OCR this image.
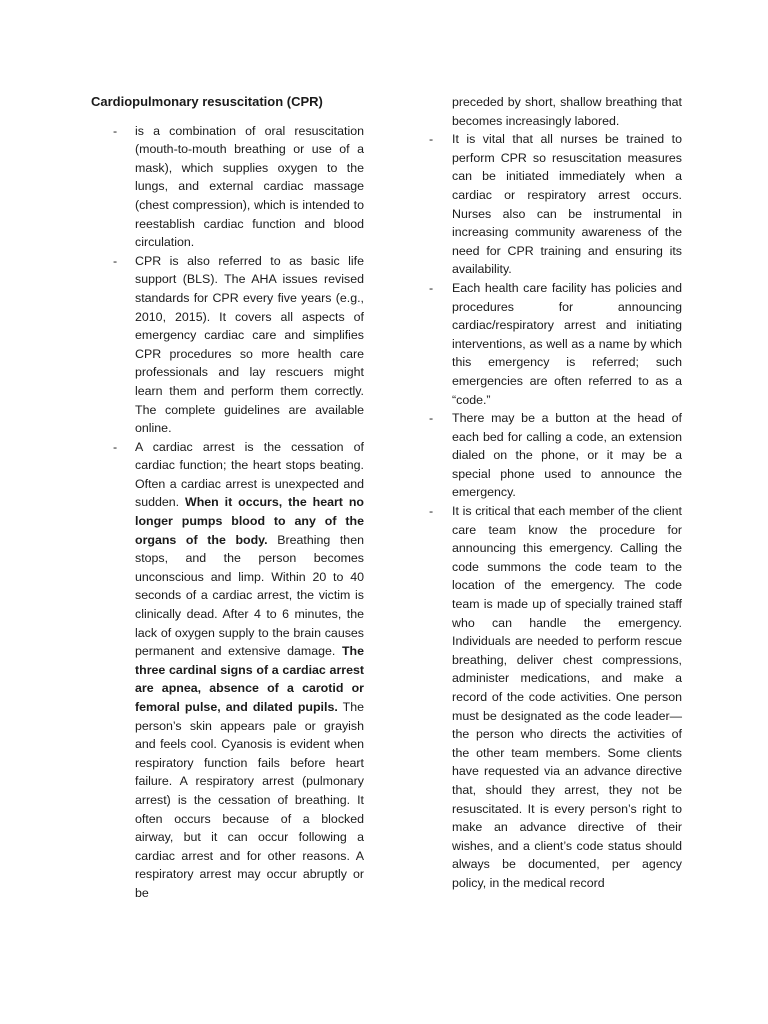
Cardiopulmonary resuscitation (CPR)
- is a combination of oral resuscitation (mouth-to-mouth breathing or use of a mask), which supplies oxygen to the lungs, and external cardiac massage (chest compression), which is intended to reestablish cardiac function and blood circulation.
- CPR is also referred to as basic life support (BLS). The AHA issues revised standards for CPR every five years (e.g., 2010, 2015). It covers all aspects of emergency cardiac care and simplifies CPR procedures so more health care professionals and lay rescuers might learn them and perform them correctly. The complete guidelines are available online.
- A cardiac arrest is the cessation of cardiac function; the heart stops beating. Often a cardiac arrest is unexpected and sudden. When it occurs, the heart no longer pumps blood to any of the organs of the body. Breathing then stops, and the person becomes unconscious and limp. Within 20 to 40 seconds of a cardiac arrest, the victim is clinically dead. After 4 to 6 minutes, the lack of oxygen supply to the brain causes permanent and extensive damage. The three cardinal signs of a cardiac arrest are apnea, absence of a carotid or femoral pulse, and dilated pupils. The person’s skin appears pale or grayish and feels cool. Cyanosis is evident when respiratory function fails before heart failure. A respiratory arrest (pulmonary arrest) is the cessation of breathing. It often occurs because of a blocked airway, but it can occur following a cardiac arrest and for other reasons. A respiratory arrest may occur abruptly or be
preceded by short, shallow breathing that becomes increasingly labored.
- It is vital that all nurses be trained to perform CPR so resuscitation measures can be initiated immediately when a cardiac or respiratory arrest occurs. Nurses also can be instrumental in increasing community awareness of the need for CPR training and ensuring its availability.
- Each health care facility has policies and procedures for announcing cardiac/respiratory arrest and initiating interventions, as well as a name by which this emergency is referred; such emergencies are often referred to as a “code.”
- There may be a button at the head of each bed for calling a code, an extension dialed on the phone, or it may be a special phone used to announce the emergency.
- It is critical that each member of the client care team know the procedure for announcing this emergency. Calling the code summons the code team to the location of the emergency. The code team is made up of specially trained staff who can handle the emergency. Individuals are needed to perform rescue breathing, deliver chest compressions, administer medications, and make a record of the code activities. One person must be designated as the code leader—the person who directs the activities of the other team members. Some clients have requested via an advance directive that, should they arrest, they not be resuscitated. It is every person’s right to make an advance directive of their wishes, and a client’s code status should always be documented, per agency policy, in the medical record
